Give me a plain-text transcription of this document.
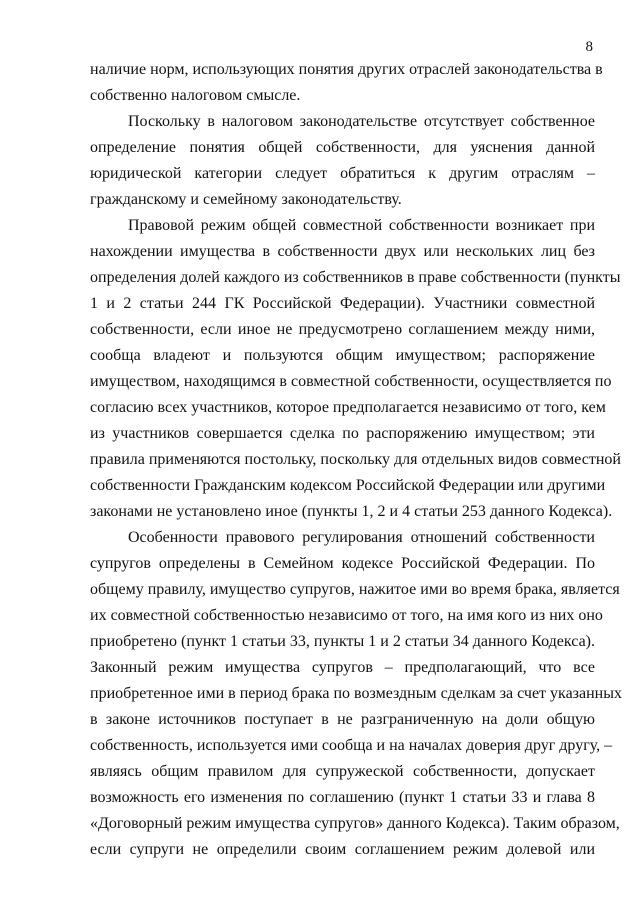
8
наличие норм, использующих понятия других отраслей законодательства в
собственно налоговом смысле.
Поскольку в налоговом законодательстве отсутствует собственное
определение понятия общей собственности, для уяснения данной
юридической категории следует обратиться к другим отраслям –
гражданскому и семейному законодательству.
Правовой режим общей совместной собственности возникает при
нахождении имущества в собственности двух или нескольких лиц без
определения долей каждого из собственников в праве собственности (пункты
1 и 2 статьи 244 ГК Российской Федерации). Участники совместной
собственности, если иное не предусмотрено соглашением между ними,
сообща владеют и пользуются общим имуществом; распоряжение
имуществом, находящимся в совместной собственности, осуществляется по
согласию всех участников, которое предполагается независимо от того, кем
из участников совершается сделка по распоряжению имуществом; эти
правила применяются постольку, поскольку для отдельных видов совместной
собственности Гражданским кодексом Российской Федерации или другими
законами не установлено иное (пункты 1, 2 и 4 статьи 253 данного Кодекса).
Особенности правового регулирования отношений собственности
супругов определены в Семейном кодексе Российской Федерации. По
общему правилу, имущество супругов, нажитое ими во время брака, является
их совместной собственностью независимо от того, на имя кого из них оно
приобретено (пункт 1 статьи 33, пункты 1 и 2 статьи 34 данного Кодекса).
Законный режим имущества супругов – предполагающий, что все
приобретенное ими в период брака по возмездным сделкам за счет указанных
в законе источников поступает в не разграниченную на доли общую
собственность, используется ими сообща и на началах доверия друг другу, –
являясь общим правилом для супружеской собственности, допускает
возможность его изменения по соглашению (пункт 1 статьи 33 и глава 8
«Договорный режим имущества супругов» данного Кодекса). Таким образом,
если супруги не определили своим соглашением режим долевой или
